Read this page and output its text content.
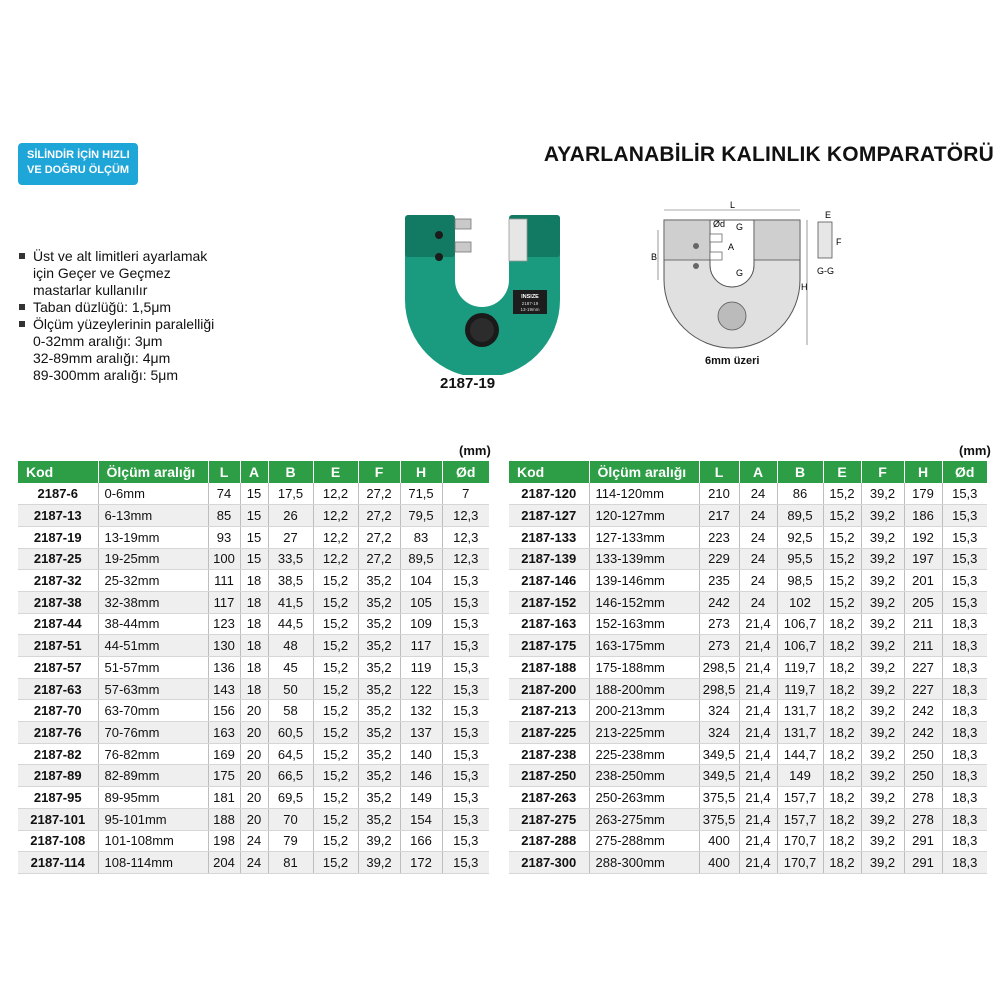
SİLİNDİR İÇİN HIZLI
VE DOĞRU ÖLÇÜM
AYARLANABİLİR KALINLIK KOMPARATÖRÜ
Üst ve alt limitleri ayarlamak
için Geçer ve Geçmez
mastarlar kullanılır
Taban düzlüğü: 1,5μm
Ölçüm yüzeylerinin paralelliği
0-32mm aralığı: 3μm
32-89mm aralığı: 4μm
89-300mm aralığı: 5μm
INSIZE
2187-19
13-19mm
2187-19
L
B
H
Ød
A
G
G
E
F
G-G
6mm üzeri
(mm)	(mm)
Kod	Ölçüm aralığı	L	A	B	E	F	H	Ød
2187-6	0-6mm	74	15	17,5	12,2	27,2	71,5	7
2187-13	6-13mm	85	15	26	12,2	27,2	79,5	12,3
2187-19	13-19mm	93	15	27	12,2	27,2	83	12,3
2187-25	19-25mm	100	15	33,5	12,2	27,2	89,5	12,3
2187-32	25-32mm	111	18	38,5	15,2	35,2	104	15,3
2187-38	32-38mm	117	18	41,5	15,2	35,2	105	15,3
2187-44	38-44mm	123	18	44,5	15,2	35,2	109	15,3
2187-51	44-51mm	130	18	48	15,2	35,2	117	15,3
2187-57	51-57mm	136	18	45	15,2	35,2	119	15,3
2187-63	57-63mm	143	18	50	15,2	35,2	122	15,3
2187-70	63-70mm	156	20	58	15,2	35,2	132	15,3
2187-76	70-76mm	163	20	60,5	15,2	35,2	137	15,3
2187-82	76-82mm	169	20	64,5	15,2	35,2	140	15,3
2187-89	82-89mm	175	20	66,5	15,2	35,2	146	15,3
2187-95	89-95mm	181	20	69,5	15,2	35,2	149	15,3
2187-101	95-101mm	188	20	70	15,2	35,2	154	15,3
2187-108	101-108mm	198	24	79	15,2	39,2	166	15,3
2187-114	108-114mm	204	24	81	15,2	39,2	172	15,3
Kod	Ölçüm aralığı	L	A	B	E	F	H	Ød
2187-120	114-120mm	210	24	86	15,2	39,2	179	15,3
2187-127	120-127mm	217	24	89,5	15,2	39,2	186	15,3
2187-133	127-133mm	223	24	92,5	15,2	39,2	192	15,3
2187-139	133-139mm	229	24	95,5	15,2	39,2	197	15,3
2187-146	139-146mm	235	24	98,5	15,2	39,2	201	15,3
2187-152	146-152mm	242	24	102	15,2	39,2	205	15,3
2187-163	152-163mm	273	21,4	106,7	18,2	39,2	211	18,3
2187-175	163-175mm	273	21,4	106,7	18,2	39,2	211	18,3
2187-188	175-188mm	298,5	21,4	119,7	18,2	39,2	227	18,3
2187-200	188-200mm	298,5	21,4	119,7	18,2	39,2	227	18,3
2187-213	200-213mm	324	21,4	131,7	18,2	39,2	242	18,3
2187-225	213-225mm	324	21,4	131,7	18,2	39,2	242	18,3
2187-238	225-238mm	349,5	21,4	144,7	18,2	39,2	250	18,3
2187-250	238-250mm	349,5	21,4	149	18,2	39,2	250	18,3
2187-263	250-263mm	375,5	21,4	157,7	18,2	39,2	278	18,3
2187-275	263-275mm	375,5	21,4	157,7	18,2	39,2	278	18,3
2187-288	275-288mm	400	21,4	170,7	18,2	39,2	291	18,3
2187-300	288-300mm	400	21,4	170,7	18,2	39,2	291	18,3
